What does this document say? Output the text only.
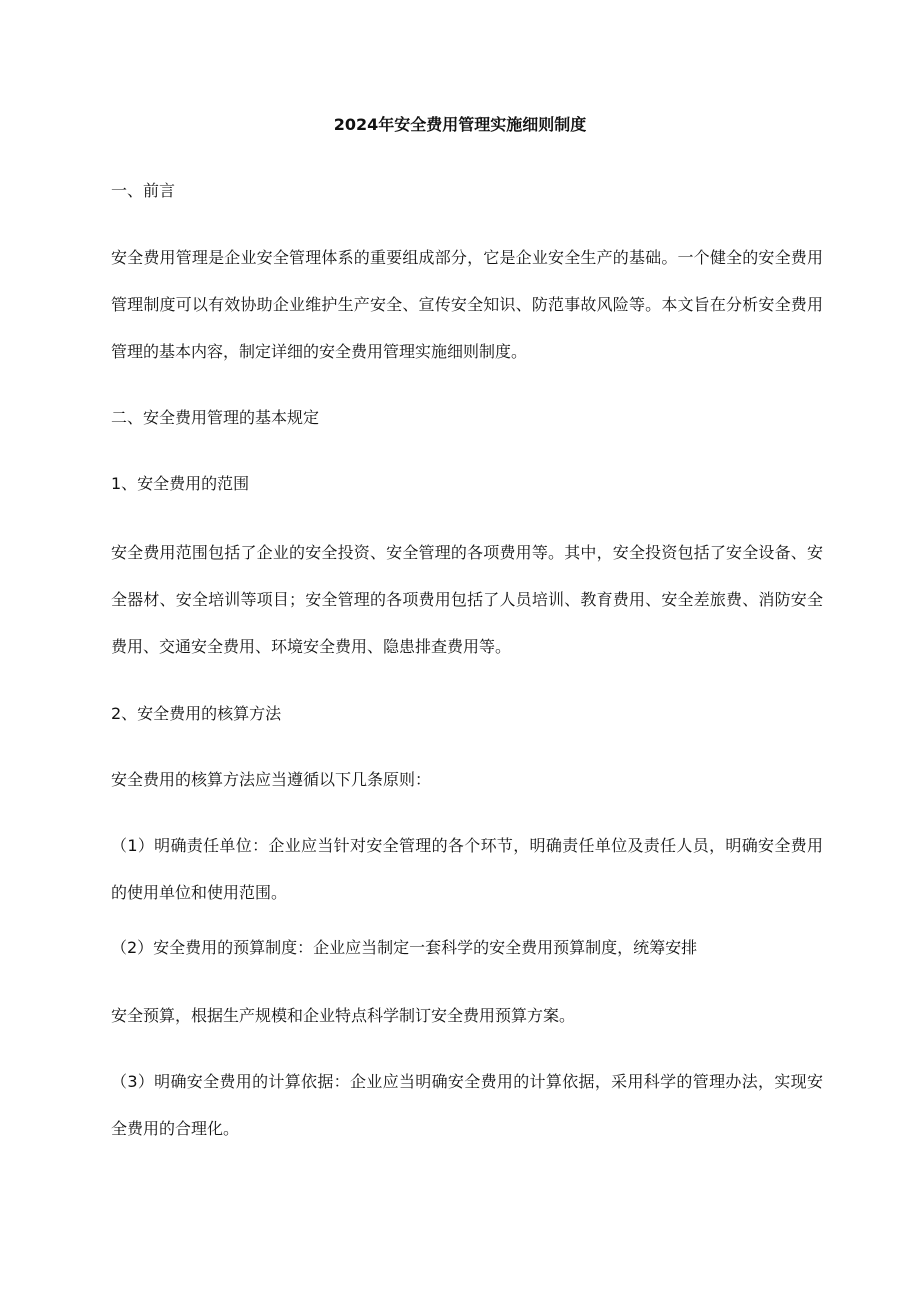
2024年安全费用管理实施细则制度
一、前言
安全费用管理是企业安全管理体系的重要组成部分，它是企业安全生产的基础。一个健全的安全费用管理制度可以有效协助企业维护生产安全、宣传安全知识、防范事故风险等。本文旨在分析安全费用管理的基本内容，制定详细的安全费用管理实施细则制度。
二、安全费用管理的基本规定
1、安全费用的范围
安全费用范围包括了企业的安全投资、安全管理的各项费用等。其中，安全投资包括了安全设备、安全器材、安全培训等项目；安全管理的各项费用包括了人员培训、教育费用、安全差旅费、消防安全费用、交通安全费用、环境安全费用、隐患排查费用等。
2、安全费用的核算方法
安全费用的核算方法应当遵循以下几条原则：
（1）明确责任单位：企业应当针对安全管理的各个环节，明确责任单位及责任人员，明确安全费用的使用单位和使用范围。
（2）安全费用的预算制度：企业应当制定一套科学的安全费用预算制度，统筹安排
安全预算，根据生产规模和企业特点科学制订安全费用预算方案。
（3）明确安全费用的计算依据：企业应当明确安全费用的计算依据，采用科学的管理办法，实现安全费用的合理化。
